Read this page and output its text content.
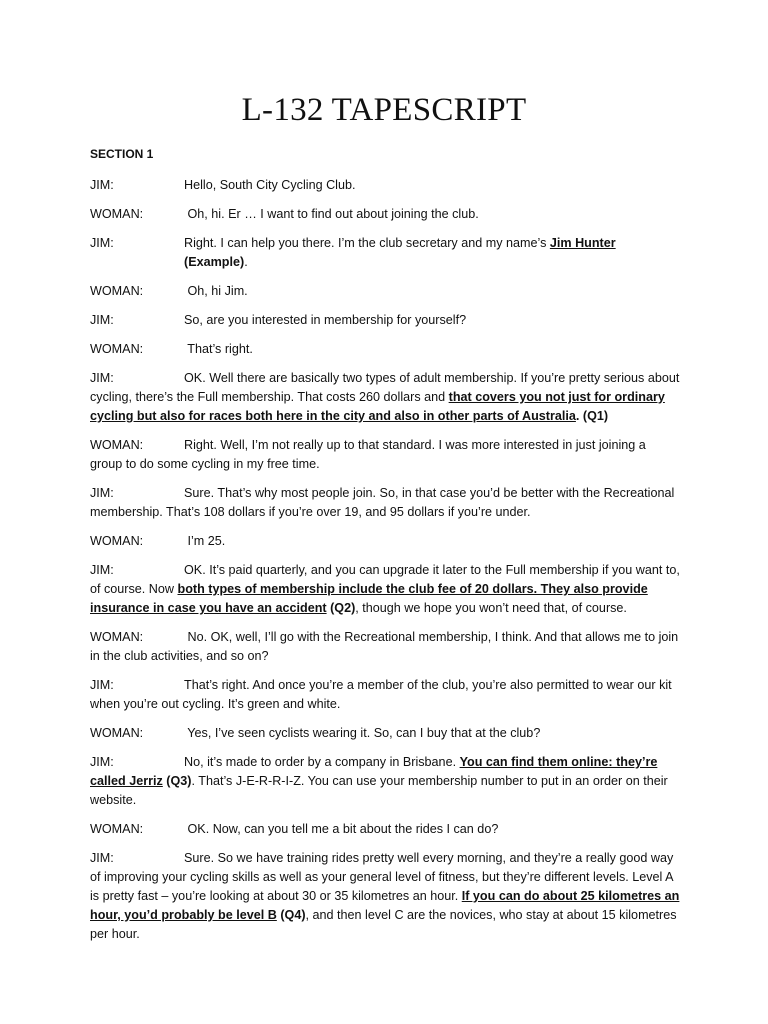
L-132 TAPESCRIPT

SECTION 1

JIM:	Hello, South City Cycling Club.
WOMAN:	Oh, hi. Er … I want to find out about joining the club.
JIM:	Right. I can help you there. I’m the club secretary and my name’s Jim Hunter (Example).
WOMAN:	Oh, hi Jim.
JIM:	So, are you interested in membership for yourself?
WOMAN:	That’s right.

JIM:	OK. Well there are basically two types of adult membership. If you’re pretty serious about cycling, there’s the Full membership. That costs 260 dollars and that covers you not just for ordinary cycling but also for races both here in the city and also in other parts of Australia. (Q1)

WOMAN:	Right. Well, I’m not really up to that standard. I was more interested in just joining a group to do some cycling in my free time.

JIM:	Sure. That’s why most people join. So, in that case you’d be better with the Recreational membership. That’s 108 dollars if you’re over 19, and 95 dollars if you’re under.

WOMAN:	I’m 25.

JIM:	OK. It’s paid quarterly, and you can upgrade it later to the Full membership if you want to, of course. Now both types of membership include the club fee of 20 dollars. They also provide insurance in case you have an accident (Q2), though we hope you won’t need that, of course.

WOMAN:	No. OK, well, I’ll go with the Recreational membership, I think. And that allows me to join in the club activities, and so on?

JIM:	That’s right. And once you’re a member of the club, you’re also permitted to wear our kit when you’re out cycling. It’s green and white.

WOMAN:	Yes, I’ve seen cyclists wearing it. So, can I buy that at the club?

JIM:	No, it’s made to order by a company in Brisbane. You can find them online: they’re called Jerriz (Q3). That’s J-E-R-R-I-Z. You can use your membership number to put in an order on their website.

WOMAN:	OK. Now, can you tell me a bit about the rides I can do?

JIM:	Sure. So we have training rides pretty well every morning, and they’re a really good way of improving your cycling skills as well as your general level of fitness, but they’re different levels. Level A is pretty fast – you’re looking at about 30 or 35 kilometres an hour. If you can do about 25 kilometres an hour, you’d probably be level B (Q4), and then level C are the novices, who stay at about 15 kilometres per hour.
